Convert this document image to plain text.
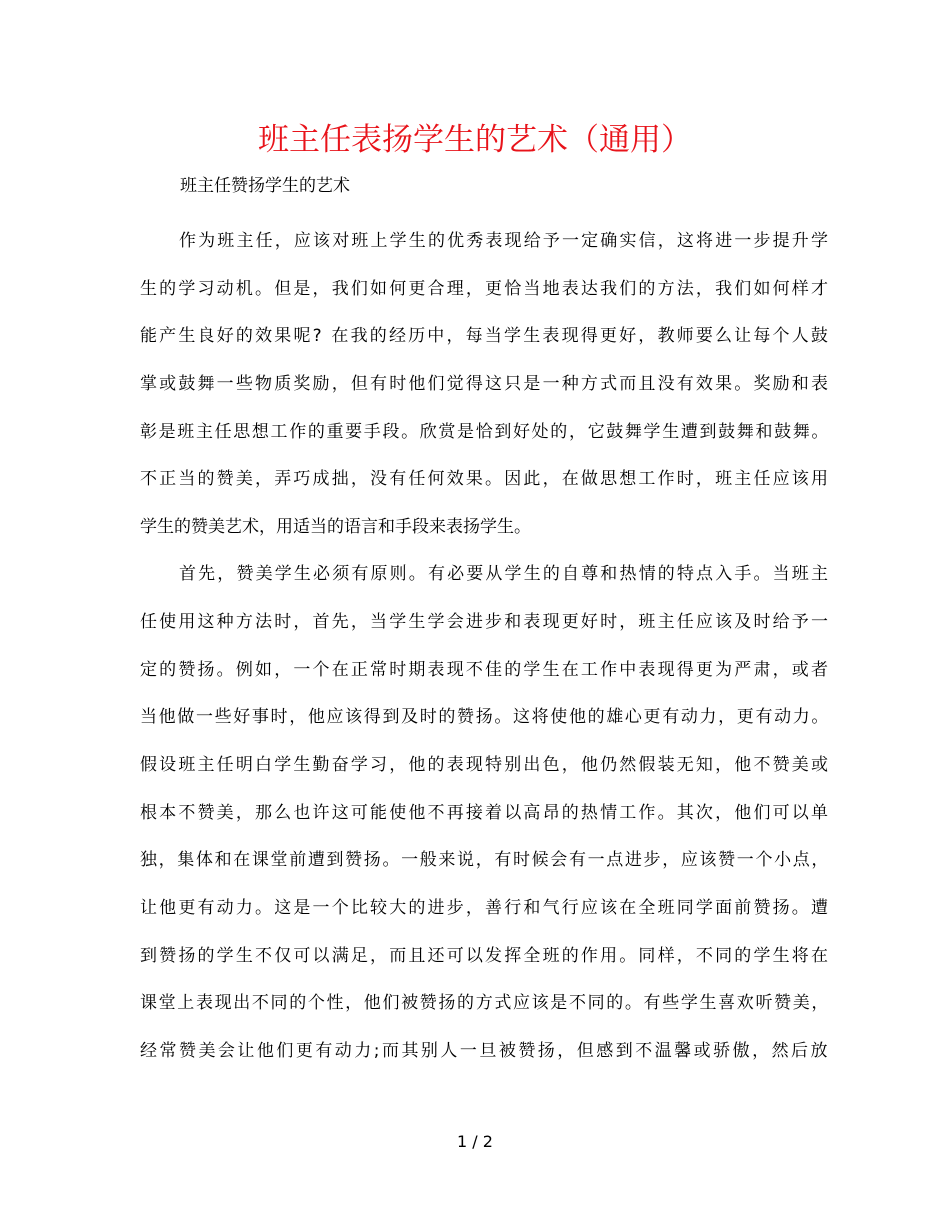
班主任表扬学生的艺术（通用）
班主任赞扬学生的艺术
作为班主任，应该对班上学生的优秀表现给予一定确实信，这将进一步提升学
生的学习动机。但是，我们如何更合理，更恰当地表达我们的方法，我们如何样才
能产生良好的效果呢? 在我的经历中，每当学生表现得更好，教师要么让每个人鼓
掌或鼓舞一些物质奖励，但有时他们觉得这只是一种方式而且没有效果。奖励和表
彰是班主任思想工作的重要手段。欣赏是恰到好处的，它鼓舞学生遭到鼓舞和鼓舞。
不正当的赞美，弄巧成拙，没有任何效果。因此，在做思想工作时，班主任应该用
学生的赞美艺术，用适当的语言和手段来表扬学生。
首先，赞美学生必须有原则。有必要从学生的自尊和热情的特点入手。当班主
任使用这种方法时，首先，当学生学会进步和表现更好时，班主任应该及时给予一
定的赞扬。例如，一个在正常时期表现不佳的学生在工作中表现得更为严肃，或者
当他做一些好事时，他应该得到及时的赞扬。这将使他的雄心更有动力，更有动力。
假设班主任明白学生勤奋学习，他的表现特别出色，他仍然假装无知，他不赞美或
根本不赞美，那么也许这可能使他不再接着以高昂的热情工作。其次，他们可以单
独，集体和在课堂前遭到赞扬。一般来说，有时候会有一点进步，应该赞一个小点，
让他更有动力。这是一个比较大的进步，善行和气行应该在全班同学面前赞扬。遭
到赞扬的学生不仅可以满足，而且还可以发挥全班的作用。同样，不同的学生将在
课堂上表现出不同的个性，他们被赞扬的方式应该是不同的。有些学生喜欢听赞美，
经常赞美会让他们更有动力;而其别人一旦被赞扬，但感到不温馨或骄傲，然后放
1 / 2
